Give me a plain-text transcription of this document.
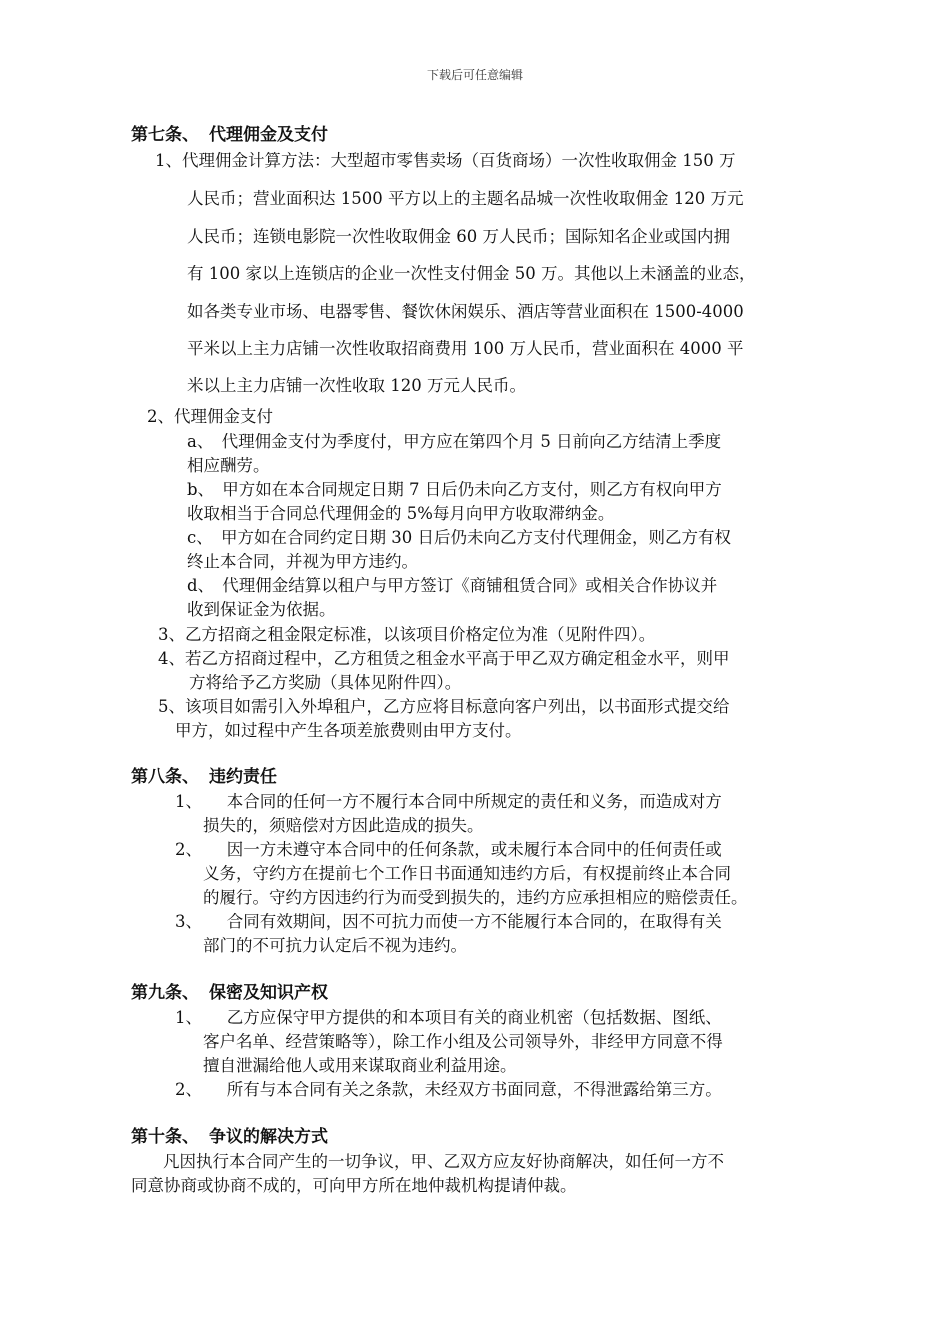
下载后可任意编辑
第七条、 代理佣金及支付
1、代理佣金计算方法：大型超市零售卖场（百货商场）一次性收取佣金 150 万
人民币；营业面积达 1500 平方以上的主题名品城一次性收取佣金 120 万元
人民币；连锁电影院一次性收取佣金 60 万人民币；国际知名企业或国内拥
有 100 家以上连锁店的企业一次性支付佣金 50 万。其他以上未涵盖的业态，
如各类专业市场、电器零售、餐饮休闲娱乐、酒店等营业面积在 1500-4000
平米以上主力店铺一次性收取招商费用 100 万人民币，营业面积在 4000 平
米以上主力店铺一次性收取 120 万元人民币。
2、代理佣金支付
a、　代理佣金支付为季度付，甲方应在第四个月 5 日前向乙方结清上季度
相应酬劳。
b、　甲方如在本合同规定日期 7 日后仍未向乙方支付，则乙方有权向甲方
收取相当于合同总代理佣金的 5%每月向甲方收取滞纳金。
c、　甲方如在合同约定日期 30 日后仍未向乙方支付代理佣金，则乙方有权
终止本合同，并视为甲方违约。
d、　代理佣金结算以租户与甲方签订《商铺租赁合同》或相关合作协议并
收到保证金为依据。
3、乙方招商之租金限定标准，以该项目价格定位为准（见附件四）。
4、若乙方招商过程中，乙方租赁之租金水平高于甲乙双方确定租金水平，则甲
方将给予乙方奖励（具体见附件四）。
5、该项目如需引入外埠租户，乙方应将目标意向客户列出，以书面形式提交给
甲方，如过程中产生各项差旅费则由甲方支付。
第八条、 违约责任
1、　　本合同的任何一方不履行本合同中所规定的责任和义务，而造成对方
损失的，须赔偿对方因此造成的损失。
2、　　因一方未遵守本合同中的任何条款，或未履行本合同中的任何责任或
义务，守约方在提前七个工作日书面通知违约方后，有权提前终止本合同
的履行。守约方因违约行为而受到损失的，违约方应承担相应的赔偿责任。
3、　　合同有效期间，因不可抗力而使一方不能履行本合同的，在取得有关
部门的不可抗力认定后不视为违约。
第九条、 保密及知识产权
1、　　乙方应保守甲方提供的和本项目有关的商业机密（包括数据、图纸、
客户名单、经营策略等），除工作小组及公司领导外，非经甲方同意不得
擅自泄漏给他人或用来谋取商业利益用途。
2、　　所有与本合同有关之条款，未经双方书面同意，不得泄露给第三方。
第十条、 争议的解决方式
凡因执行本合同产生的一切争议，甲、乙双方应友好协商解决，如任何一方不
同意协商或协商不成的，可向甲方所在地仲裁机构提请仲裁。
